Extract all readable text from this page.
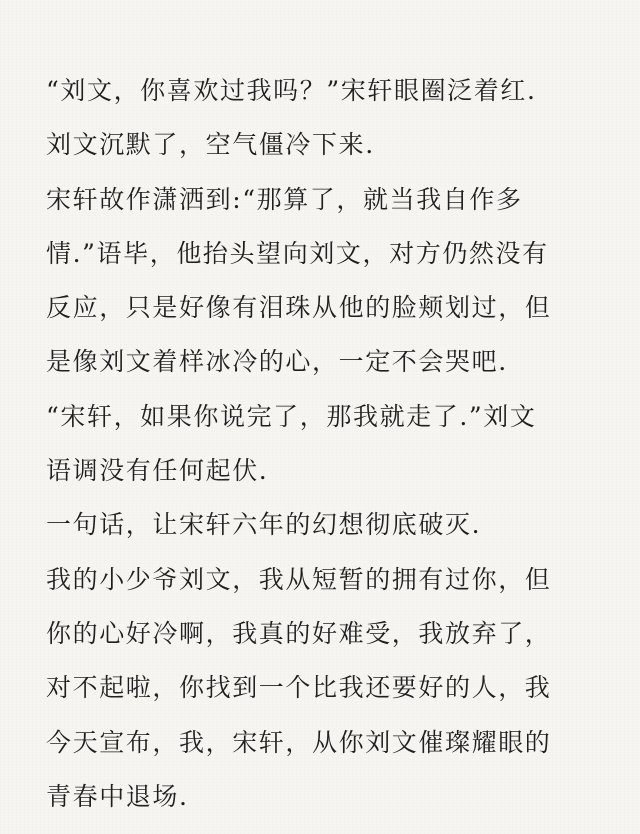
“刘文，你喜欢过我吗？”宋轩眼圈泛着红.
刘文沉默了，空气僵冷下来.
宋轩故作潇洒到:“那算了，就当我自作多
情.”语毕，他抬头望向刘文，对方仍然没有
反应，只是好像有泪珠从他的脸颊划过，但
是像刘文着样冰冷的心，一定不会哭吧.
“宋轩，如果你说完了，那我就走了.”刘文
语调没有任何起伏.
一句话，让宋轩六年的幻想彻底破灭.
我的小少爷刘文，我从短暂的拥有过你，但
你的心好冷啊，我真的好难受，我放弃了，
对不起啦，你找到一个比我还要好的人，我
今天宣布，我，宋轩，从你刘文催璨耀眼的
青春中退场.
